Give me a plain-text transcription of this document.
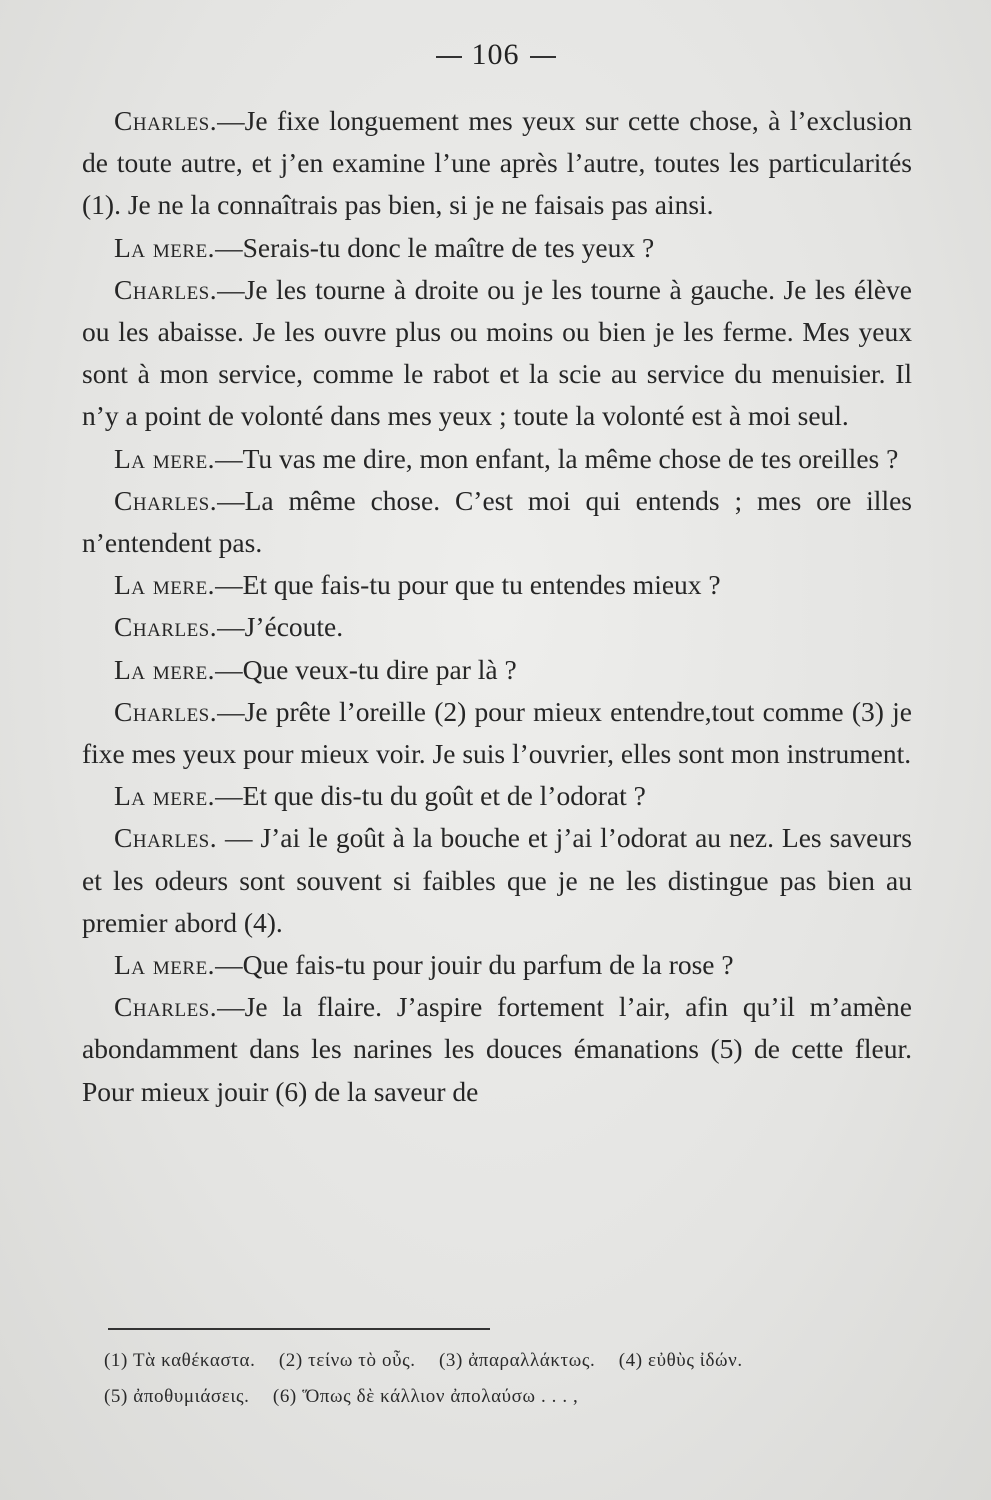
106

Charles.—Je fixe longuement mes yeux sur cette chose, à l’exclusion de toute autre, et j’en examine l’une après l’autre, toutes les particularités (1). Je ne la connaîtrais pas bien, si je ne faisais pas ainsi.

La mere.—Serais-tu donc le maître de tes yeux ?

Charles.—Je les tourne à droite ou je les tourne à gauche. Je les élève ou les abaisse. Je les ouvre plus ou moins ou bien je les ferme. Mes yeux sont à mon service, comme le rabot et la scie au service du menuisier. Il n’y a point de volonté dans mes yeux ; toute la volonté est à moi seul.

La mere.—Tu vas me dire, mon enfant, la même chose de tes oreilles ?

Charles.—La même chose. C’est moi qui entends ; mes ore illes n’entendent pas.

La mere.—Et que fais-tu pour que tu entendes mieux ?

Charles.—J’écoute.

La mere.—Que veux-tu dire par là ?

Charles.—Je prête l’oreille (2) pour mieux entendre,tout comme (3) je fixe mes yeux pour mieux voir. Je suis l’ouvrier, elles sont mon instrument.

La mere.—Et que dis-tu du goût et de l’odorat ?

Charles. — J’ai le goût à la bouche et j’ai l’odorat au nez. Les saveurs et les odeurs sont souvent si faibles que je ne les distingue pas bien au premier abord (4).

La mere.—Que fais-tu pour jouir du parfum de la rose ?

Charles.—Je la flaire. J’aspire fortement l’air, afin qu’il m’amène abondamment dans les narines les douces émanations (5) de cette fleur. Pour mieux jouir (6) de la saveur de

(1) Τὰ καθέκαστα. (2) τείνω τὸ οὖς. (3) ἀπαραλλάκτως. (4) εὐθὺς ἰδών.
(5) ἀποθυμιάσεις. (6) Ὅπως δὲ κάλλιον ἀπολαύσω . . . ,
